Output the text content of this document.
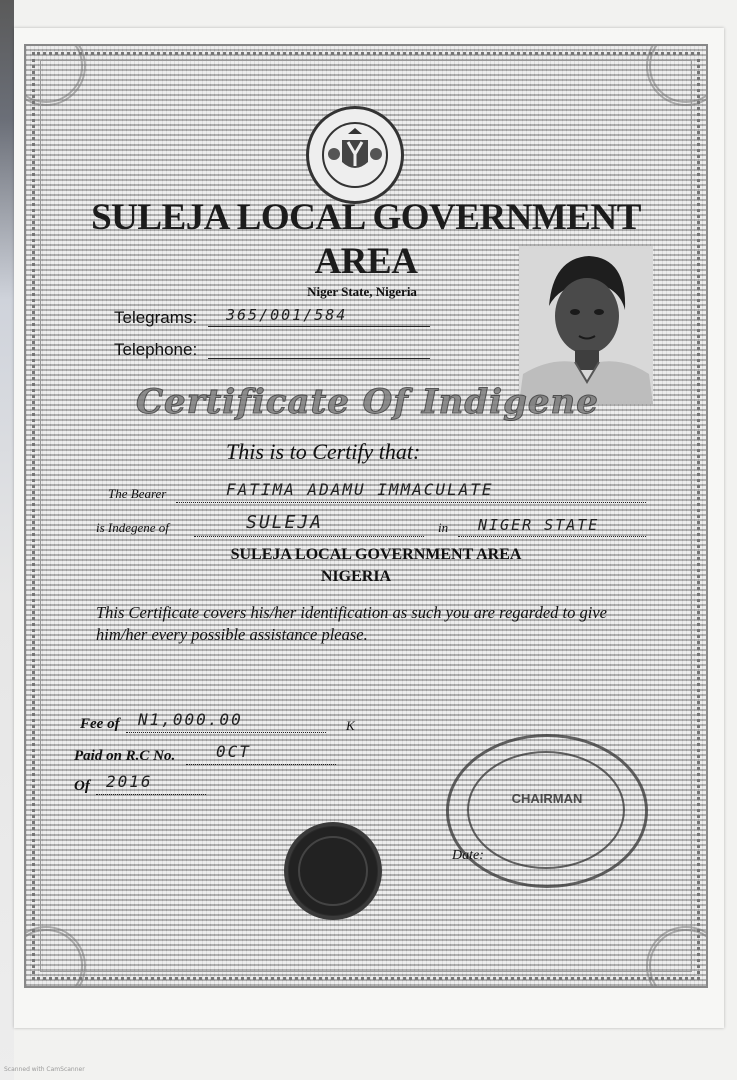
SULEJA LOCAL GOVERNMENT
AREA
Niger State, Nigeria
Telegrams: 365/001/584
Telephone:
Certificate Of Indigene
This is to Certify that:
The Bearer	FATIMA ADAMU IMMACULATE
is Indegene of	SULEJA	in NIGER STATE
SULEJA LOCAL GOVERNMENT AREA
NIGERIA
This Certificate covers his/her identification as such you are regarded to give him/her every possible assistance please.
Fee of N1,000.00	K
Paid on R.C No.	0CT
Of 2016
CHAIRMAN
Date:
Scanned with CamScanner
